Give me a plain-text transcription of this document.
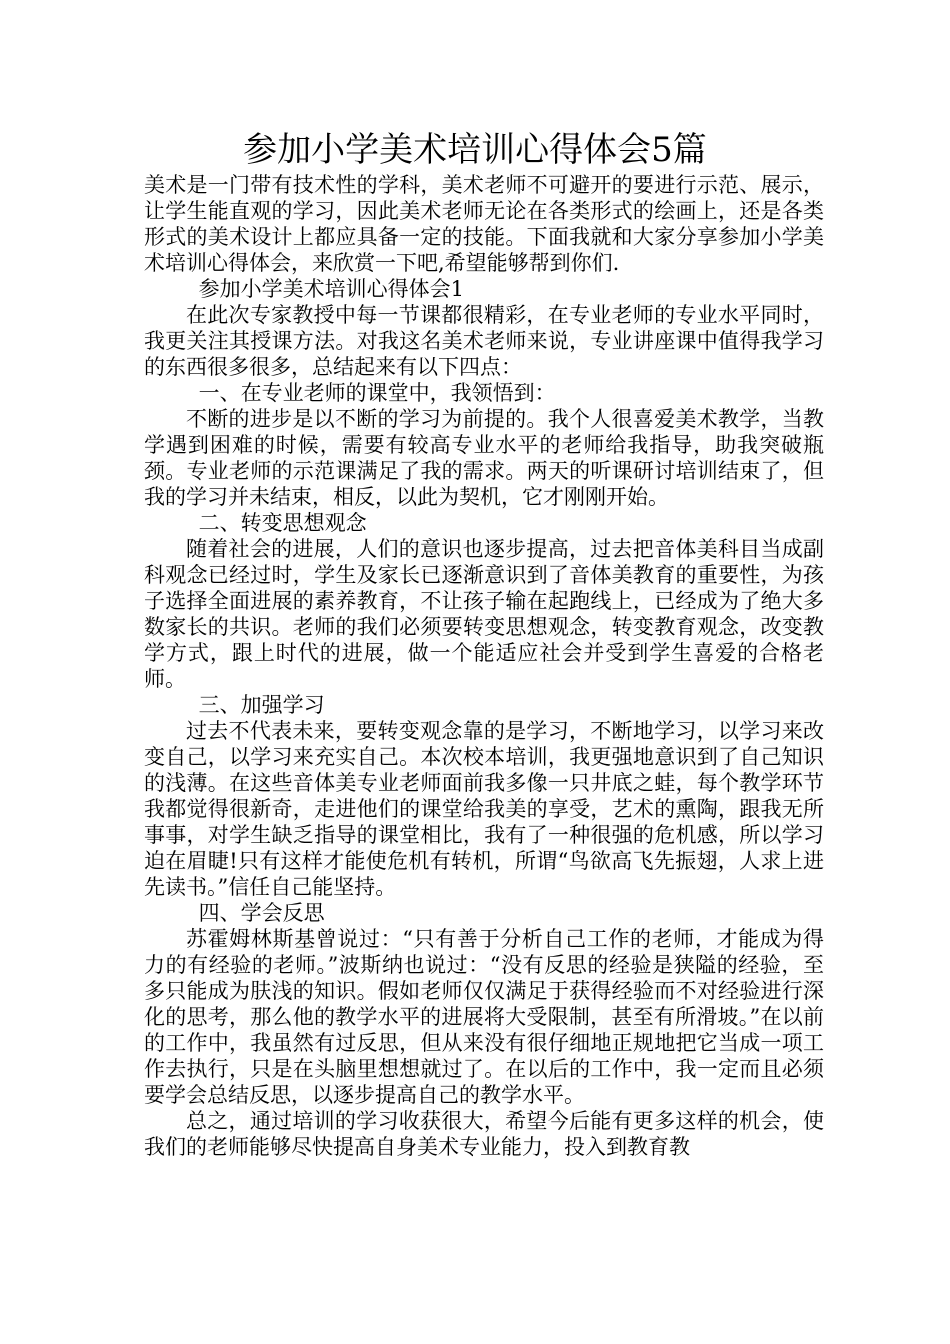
参加小学美术培训心得体会5篇

美术是一门带有技术性的学科，美术老师不可避开的要进行示范、展示，让学生能直观的学习，因此美术老师无论在各类形式的绘画上，还是各类形式的美术设计上都应具备一定的技能。下面我就和大家分享参加小学美术培训心得体会，来欣赏一下吧,希望能够帮到你们.

参加小学美术培训心得体会1

在此次专家教授中每一节课都很精彩，在专业老师的专业水平同时，我更关注其授课方法。对我这名美术老师来说，专业讲座课中值得我学习的东西很多很多，总结起来有以下四点：

一、在专业老师的课堂中，我领悟到：

不断的进步是以不断的学习为前提的。我个人很喜爱美术教学，当教学遇到困难的时候，需要有较高专业水平的老师给我指导，助我突破瓶颈。专业老师的示范课满足了我的需求。两天的听课研讨培训结束了，但我的学习并未结束，相反，以此为契机，它才刚刚开始。

二、转变思想观念

随着社会的进展，人们的意识也逐步提高，过去把音体美科目当成副科观念已经过时，学生及家长已逐渐意识到了音体美教育的重要性，为孩子选择全面进展的素养教育，不让孩子输在起跑线上，已经成为了绝大多数家长的共识。老师的我们必须要转变思想观念，转变教育观念，改变教学方式，跟上时代的进展，做一个能适应社会并受到学生喜爱的合格老师。

三、加强学习

过去不代表未来，要转变观念靠的是学习，不断地学习，以学习来改变自己，以学习来充实自己。本次校本培训，我更强地意识到了自己知识的浅薄。在这些音体美专业老师面前我多像一只井底之蛙，每个教学环节我都觉得很新奇，走进他们的课堂给我美的享受，艺术的熏陶，跟我无所事事，对学生缺乏指导的课堂相比，我有了一种很强的危机感，所以学习迫在眉睫!只有这样才能使危机有转机，所谓“鸟欲高飞先振翅，人求上进先读书。”信任自己能坚持。

四、学会反思

苏霍姆林斯基曾说过：“只有善于分析自己工作的老师，才能成为得力的有经验的老师。”波斯纳也说过：“没有反思的经验是狭隘的经验，至多只能成为肤浅的知识。假如老师仅仅满足于获得经验而不对经验进行深化的思考，那么他的教学水平的进展将大受限制，甚至有所滑坡。”在以前的工作中，我虽然有过反思，但从来没有很仔细地正规地把它当成一项工作去执行，只是在头脑里想想就过了。在以后的工作中，我一定而且必须要学会总结反思，以逐步提高自己的教学水平。

总之，通过培训的学习收获很大，希望今后能有更多这样的机会，使我们的老师能够尽快提高自身美术专业能力，投入到教育教
